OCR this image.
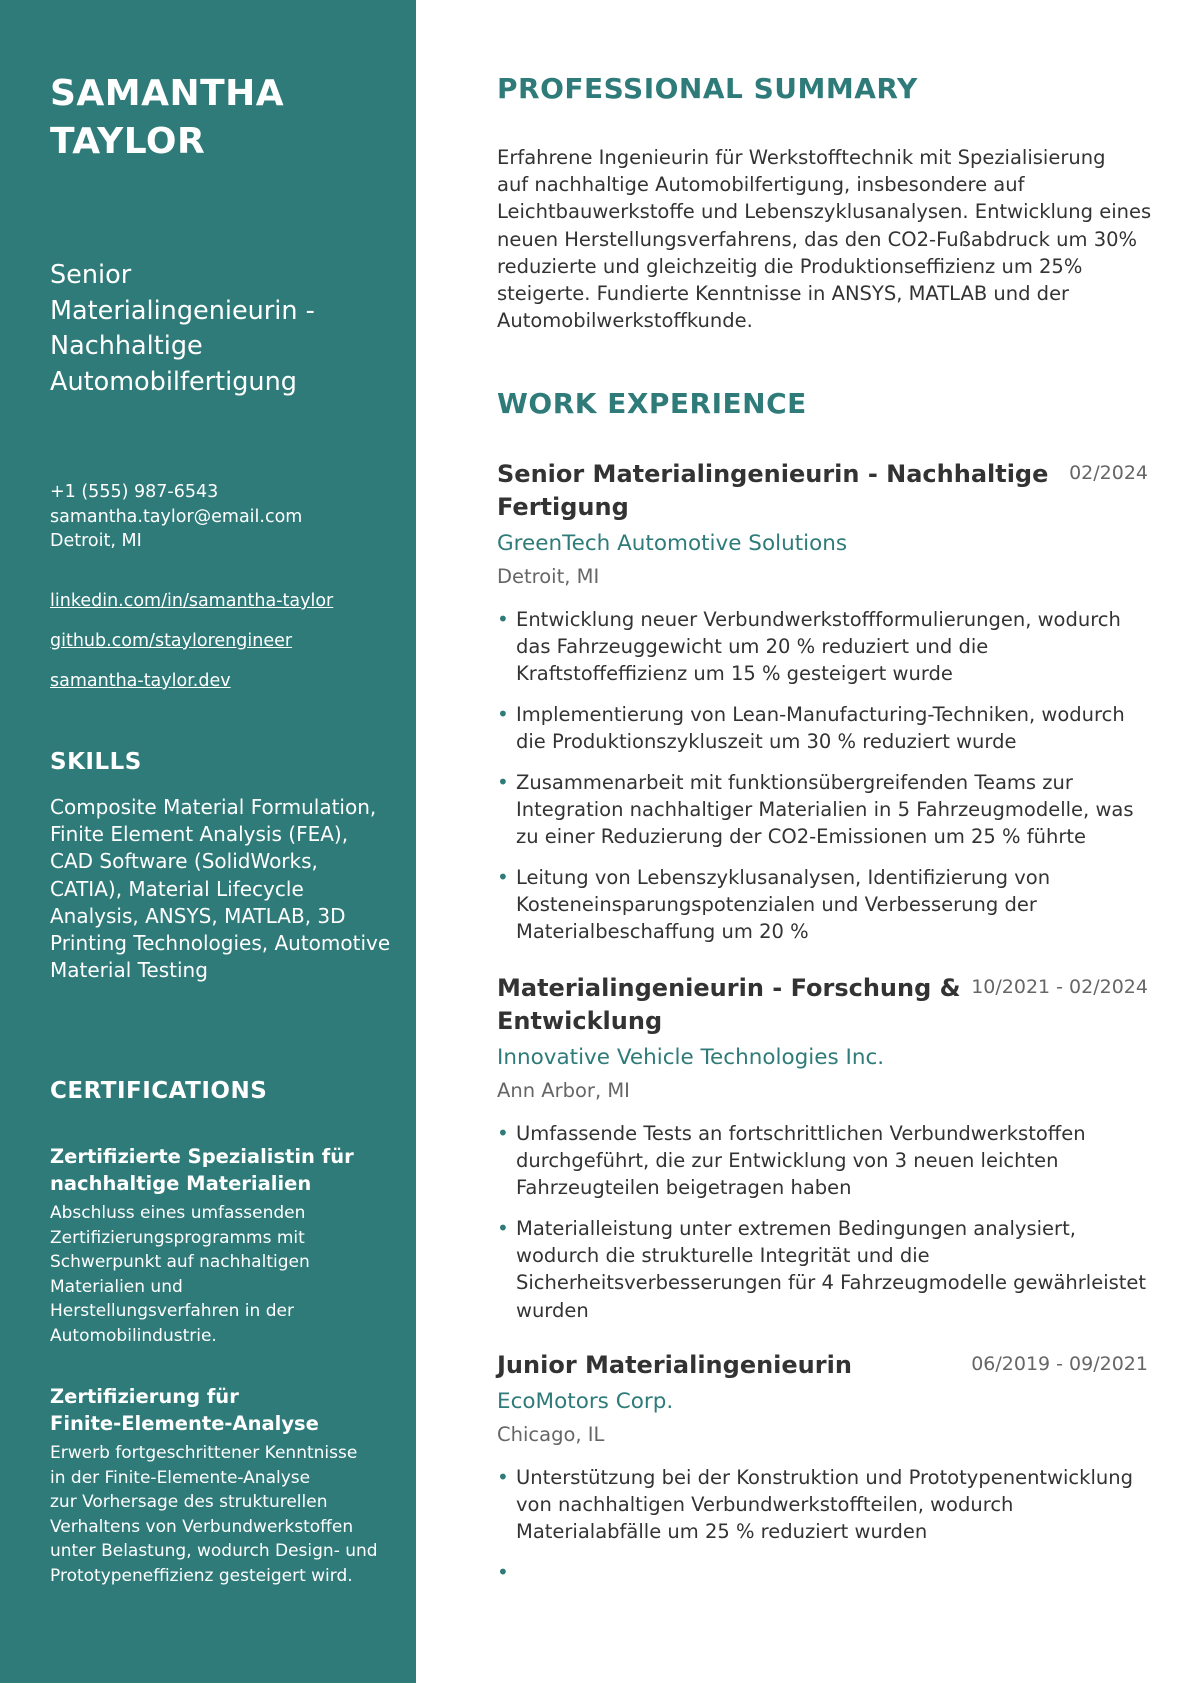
SAMANTHA
TAYLOR
Senior
Materialingenieurin -
Nachhaltige
Automobilfertigung
+1 (555) 987-6543
samantha.taylor@email.com
Detroit, MI
linkedin.com/in/samantha-taylor
github.com/staylorengineer
samantha-taylor.dev
SKILLS
Composite Material Formulation,
Finite Element Analysis (FEA),
CAD Software (SolidWorks,
CATIA), Material Lifecycle
Analysis, ANSYS, MATLAB, 3D
Printing Technologies, Automotive
Material Testing
CERTIFICATIONS
Zertifizierte Spezialistin für
nachhaltige Materialien
Abschluss eines umfassenden
Zertifizierungsprogramms mit
Schwerpunkt auf nachhaltigen
Materialien und
Herstellungsverfahren in der
Automobilindustrie.
Zertifizierung für
Finite-Elemente-Analyse
Erwerb fortgeschrittener Kenntnisse
in der Finite-Elemente-Analyse
zur Vorhersage des strukturellen
Verhaltens von Verbundwerkstoffen
unter Belastung, wodurch Design- und
Prototypeneffizienz gesteigert wird.
PROFESSIONAL SUMMARY
Erfahrene Ingenieurin für Werkstofftechnik mit Spezialisierung
auf nachhaltige Automobilfertigung, insbesondere auf
Leichtbauwerkstoffe und Lebenszyklusanalysen. Entwicklung eines
neuen Herstellungsverfahrens, das den CO2-Fußabdruck um 30%
reduzierte und gleichzeitig die Produktionseffizienz um 25%
steigerte. Fundierte Kenntnisse in ANSYS, MATLAB und der
Automobilwerkstoffkunde.
WORK EXPERIENCE
Senior Materialingenieurin - Nachhaltige
Fertigung
02/2024
GreenTech Automotive Solutions
Detroit, MI
• Entwicklung neuer Verbundwerkstoffformulierungen, wodurch
das Fahrzeuggewicht um 20 % reduziert und die
Kraftstoffeffizienz um 15 % gesteigert wurde
• Implementierung von Lean-Manufacturing-Techniken, wodurch
die Produktionszykluszeit um 30 % reduziert wurde
• Zusammenarbeit mit funktionsübergreifenden Teams zur
Integration nachhaltiger Materialien in 5 Fahrzeugmodelle, was
zu einer Reduzierung der CO2-Emissionen um 25 % führte
• Leitung von Lebenszyklusanalysen, Identifizierung von
Kosteneinsparungspotenzialen und Verbesserung der
Materialbeschaffung um 20 %
Materialingenieurin - Forschung &
Entwicklung
10/2021 - 02/2024
Innovative Vehicle Technologies Inc.
Ann Arbor, MI
• Umfassende Tests an fortschrittlichen Verbundwerkstoffen
durchgeführt, die zur Entwicklung von 3 neuen leichten
Fahrzeugteilen beigetragen haben
• Materialleistung unter extremen Bedingungen analysiert,
wodurch die strukturelle Integrität und die
Sicherheitsverbesserungen für 4 Fahrzeugmodelle gewährleistet
wurden
Junior Materialingenieurin	06/2019 - 09/2021
EcoMotors Corp.
Chicago, IL
• Unterstützung bei der Konstruktion und Prototypenentwicklung
von nachhaltigen Verbundwerkstoffteilen, wodurch
Materialabfälle um 25 % reduziert wurden
•
